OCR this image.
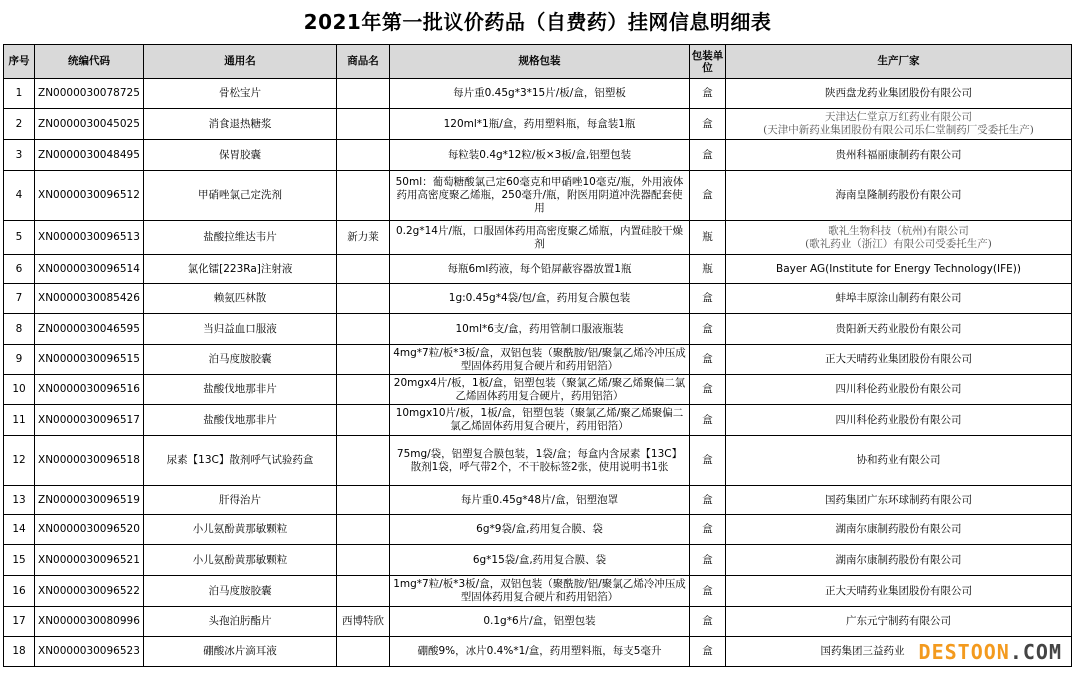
2021年第一批议价药品（自费药）挂网信息明细表
序号	统编代码	通用名	商品名	规格包装	包装单位	生产厂家
1	ZN0000030078725	骨松宝片		每片重0.45g*3*15片/板/盒，铝塑板	盒	陕西盘龙药业集团股份有限公司

2	ZN0000030045025	消食退热糖浆		120ml*1瓶/盒，药用塑料瓶，每盒装1瓶	盒	天津达仁堂京万红药业有限公司
(天津中新药业集团股份有限公司乐仁堂制药厂受委托生产)

3	ZN0000030048495	保胃胶囊		每粒装0.4g*12粒/板×3板/盒,铝塑包装	盒	贵州科福丽康制药有限公司

4	XN0000030096512	甲硝唑氯己定洗剂		50ml：葡萄糖酸氯己定60毫克和甲硝唑10毫克/瓶，外用液体药用高密度聚乙烯瓶，250毫升/瓶，附医用阴道冲洗器配套使用	盒	海南皇隆制药股份有限公司

5	XN0000030096513	盐酸拉维达韦片	新力莱	0.2g*14片/瓶，口服固体药用高密度聚乙烯瓶，内置硅胶干燥剂	瓶	歌礼生物科技（杭州)有限公司
(歌礼药业（浙江）有限公司受委托生产)

6	XN0000030096514	氯化镭[223Ra]注射液		每瓶6ml药液，每个铅屏蔽容器放置1瓶	瓶	Bayer AG(Institute for Energy Technology(IFE))

7	XN0000030085426	赖氨匹林散		1g:0.45g*4袋/包/盒，药用复合膜包装	盒	蚌埠丰原涂山制药有限公司

8	ZN0000030046595	当归益血口服液		10ml*6支/盒，药用管制口服液瓶装	盒	贵阳新天药业股份有限公司

9	XN0000030096515	泊马度胺胶囊		4mg*7粒/板*3板/盒，双铝包装（聚酰胺/铝/聚氯乙烯冷冲压成型固体药用复合硬片和药用铝箔）	盒	正大天晴药业集团股份有限公司

10	XN0000030096516	盐酸伐地那非片		20mgx4片/板，1板/盒，铝塑包装（聚氯乙烯/聚乙烯聚偏二氯乙烯固体药用复合硬片，药用铝箔）	盒	四川科伦药业股份有限公司

11	XN0000030096517	盐酸伐地那非片		10mgx10片/板，1板/盒，铝塑包装（聚氯乙烯/聚乙烯聚偏二氯乙烯固体药用复合硬片，药用铝箔）	盒	四川科伦药业股份有限公司

12	XN0000030096518	尿素【13C】散剂呼气试验药盒		75mg/袋，铝塑复合膜包装，1袋/盒；每盒内含尿素【13C】散剂1袋，呼气带2个，不干胶标签2张，使用说明书1张	盒	协和药业有限公司

13	ZN0000030096519	肝得治片		每片重0.45g*48片/盒，铝塑泡罩	盒	国药集团广东环球制药有限公司

14	XN0000030096520	小儿氨酚黄那敏颗粒		6g*9袋/盒,药用复合膜、袋	盒	湖南尔康制药股份有限公司

15	XN0000030096521	小儿氨酚黄那敏颗粒		6g*15袋/盒,药用复合膜、袋	盒	湖南尔康制药股份有限公司

16	XN0000030096522	泊马度胺胶囊		1mg*7粒/板*3板/盒，双铝包装（聚酰胺/铝/聚氯乙烯冷冲压成型固体药用复合硬片和药用铝箔）	盒	正大天晴药业集团股份有限公司

17	XN0000030080996	头孢泊肟酯片	西博特欣	0.1g*6片/盒，铝塑包装	盒	广东元宁制药有限公司

18	XN0000030096523	硼酸冰片滴耳液		硼酸9%，冰片0.4%*1/盒，药用塑料瓶，每支5毫升	盒	国药集团三益药业 DESTOON.COM
